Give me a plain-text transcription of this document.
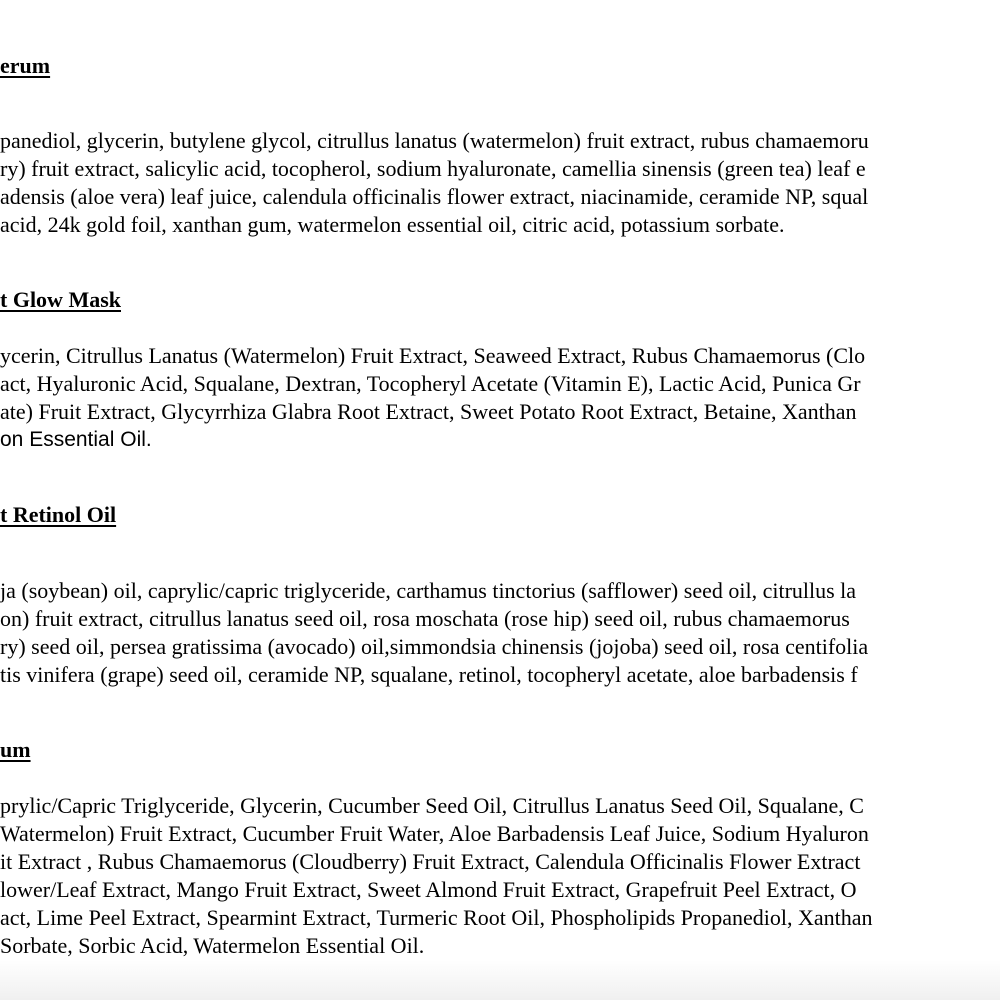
erum
panediol, glycerin, butylene glycol, citrullus lanatus (watermelon) fruit extract, rubus chamaemoru
ry) fruit extract, salicylic acid, tocopherol, sodium hyaluronate, camellia sinensis (green tea) leaf e
adensis (aloe vera) leaf juice, calendula officinalis flower extract, niacinamide, ceramide NP, squal
acid, 24k gold foil, xanthan gum, watermelon essential oil, citric acid, potassium sorbate.
t Glow Mask
ycerin, Citrullus Lanatus (Watermelon) Fruit Extract, Seaweed Extract, Rubus Chamaemorus (Clo
act, Hyaluronic Acid, Squalane, Dextran, Tocopheryl Acetate (Vitamin E), Lactic Acid, Punica Gr
ate) Fruit Extract, Glycyrrhiza Glabra Root Extract, Sweet Potato Root Extract, Betaine, Xanthan
on Essential Oil.
t Retinol Oil
ja (soybean) oil, caprylic/capric triglyceride, carthamus tinctorius (safflower) seed oil, citrullus la
on) fruit extract, citrullus lanatus seed oil, rosa moschata (rose hip) seed oil, rubus chamaemorus
ry) seed oil, persea gratissima (avocado) oil,simmondsia chinensis (jojoba) seed oil, rosa centifolia
tis vinifera (grape) seed oil, ceramide NP, squalane, retinol, tocopheryl acetate, aloe barbadensis f
um
prylic/Capric Triglyceride, Glycerin, Cucumber Seed Oil, Citrullus Lanatus Seed Oil, Squalane, C
Watermelon) Fruit Extract, Cucumber Fruit Water, Aloe Barbadensis Leaf Juice, Sodium Hyaluron
it Extract , Rubus Chamaemorus (Cloudberry) Fruit Extract, Calendula Officinalis Flower Extract
lower/Leaf Extract, Mango Fruit Extract, Sweet Almond Fruit Extract, Grapefruit Peel Extract, O
act, Lime Peel Extract, Spearmint Extract, Turmeric Root Oil, Phospholipids Propanediol, Xanthan
Sorbate, Sorbic Acid, Watermelon Essential Oil.
